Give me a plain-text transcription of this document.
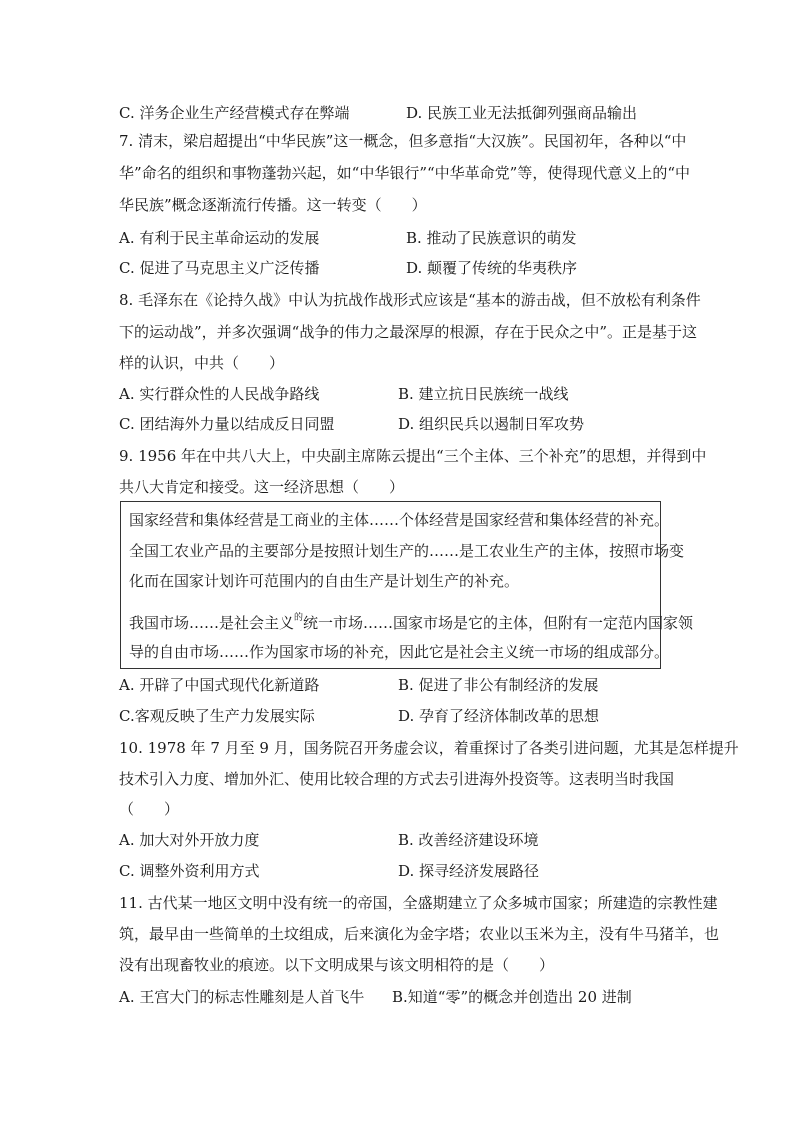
C. 洋务企业生产经营模式存在弊端	D. 民族工业无法抵御列强商品输出
7. 清末，梁启超提出“中华民族”这一概念，但多意指“大汉族”。民国初年，各种以“中
华”命名的组织和事物蓬勃兴起，如“中华银行”“中华革命党”等，使得现代意义上的“中
华民族”概念逐渐流行传播。这一转变（　　）
A. 有利于民主革命运动的发展	B. 推动了民族意识的萌发
C. 促进了马克思主义广泛传播	D. 颠覆了传统的华夷秩序
8. 毛泽东在《论持久战》中认为抗战作战形式应该是“基本的游击战，但不放松有利条件
下的运动战”，并多次强调“战争的伟力之最深厚的根源，存在于民众之中”。正是基于这
样的认识，中共（　　）
A. 实行群众性的人民战争路线	B. 建立抗日民族统一战线
C. 团结海外力量以结成反日同盟	D. 组织民兵以遏制日军攻势
9. 1956 年在中共八大上，中央副主席陈云提出“三个主体、三个补充”的思想，并得到中
共八大肯定和接受。这一经济思想（　　）
国家经营和集体经营是工商业的主体……个体经营是国家经营和集体经营的补充。
全国工农业产品的主要部分是按照计划生产的……是工农业生产的主体，按照市场变
化而在国家计划许可范围内的自由生产是计划生产的补充。
我国市场……是社会主义$^的$统一市场……国家市场是它的主体，但附有一定范内国家领
导的自由市场……作为国家市场的补充，因此它是社会主义统一市场的组成部分。
A. 开辟了中国式现代化新道路	B. 促进了非公有制经济的发展
C.客观反映了生产力发展实际	D. 孕育了经济体制改革的思想
10. 1978 年 7 月至 9 月，国务院召开务虚会议，着重探讨了各类引进问题，尤其是怎样提升
技术引入力度、增加外汇、使用比较合理的方式去引进海外投资等。这表明当时我国
（　　）
A. 加大对外开放力度	B. 改善经济建设环境
C. 调整外资利用方式	D. 探寻经济发展路径
11. 古代某一地区文明中没有统一的帝国，全盛期建立了众多城市国家；所建造的宗教性建
筑，最早由一些简单的土坟组成，后来演化为金字塔；农业以玉米为主，没有牛马猪羊，也
没有出现畜牧业的痕迹。以下文明成果与该文明相符的是（　　）
A. 王宫大门的标志性雕刻是人首飞牛 B.知道“零”的概念并创造出 20 进制
